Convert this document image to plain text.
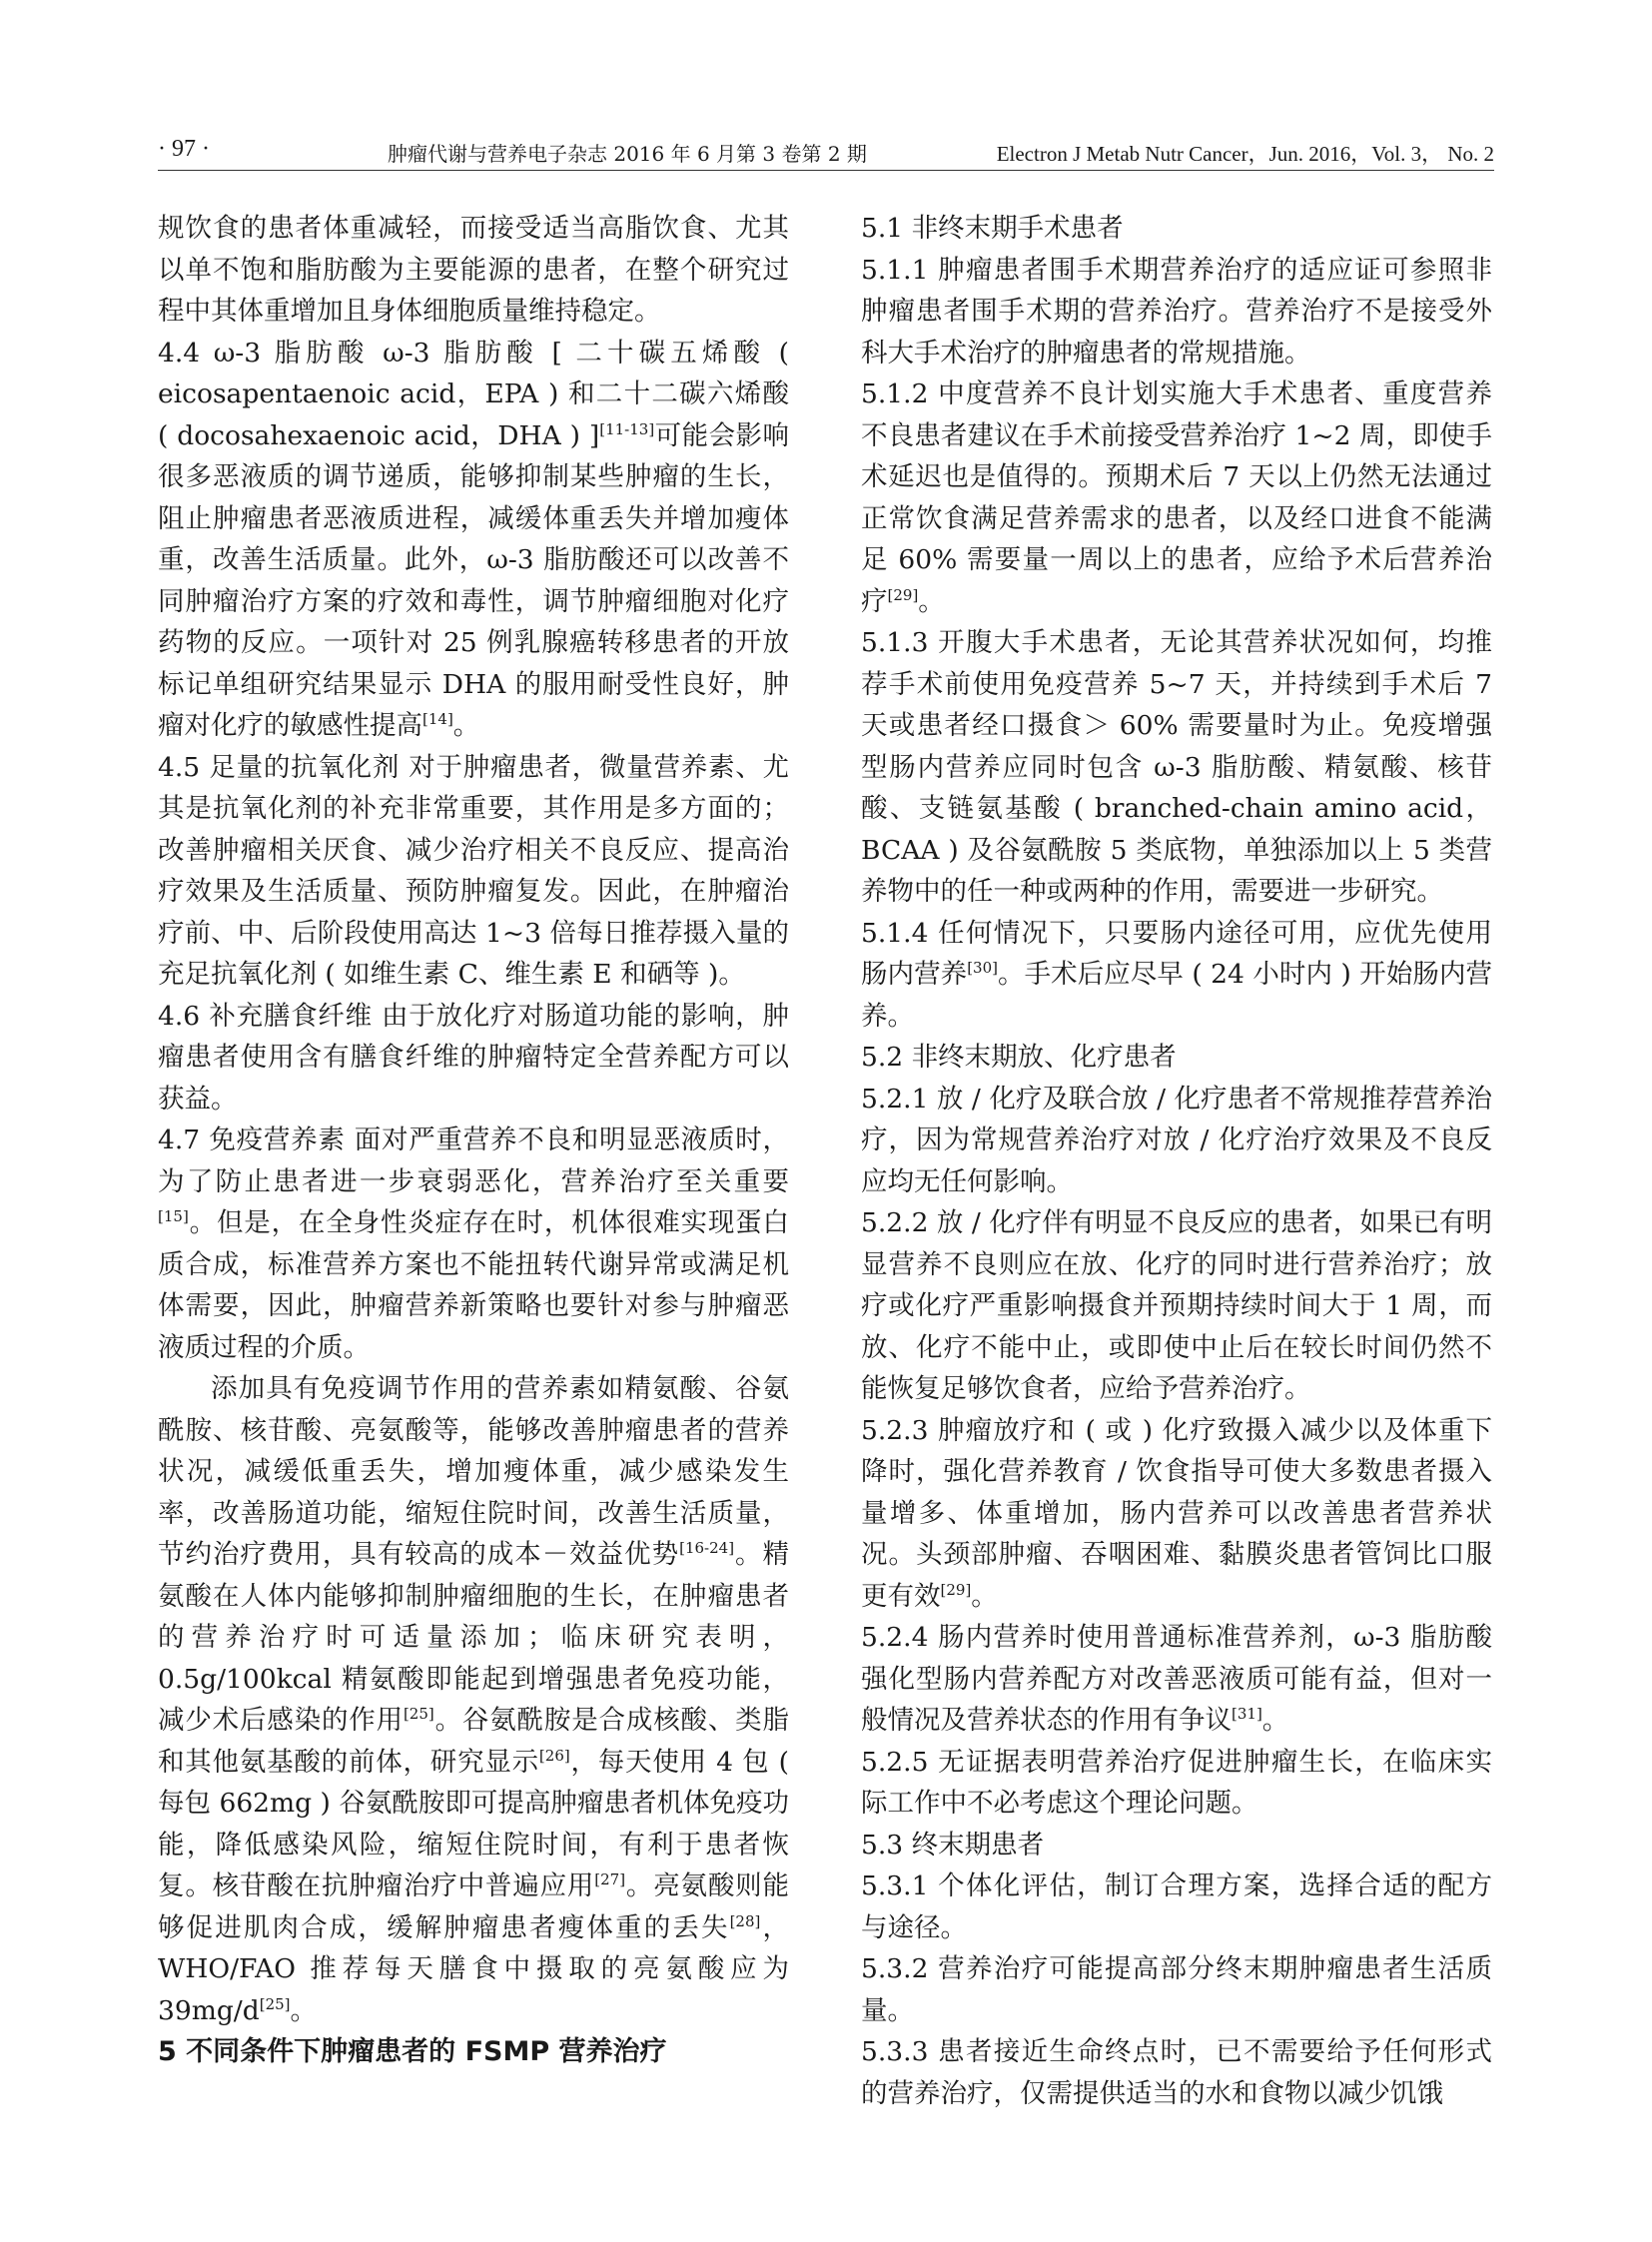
· 97 ·	肿瘤代谢与营养电子杂志 2016 年 6 月第 3 卷第 2 期	Electron J Metab Nutr Cancer，Jun. 2016，Vol. 3， No. 2

规饮食的患者体重减轻，而接受适当高脂饮食、尤其以单不饱和脂肪酸为主要能源的患者，在整个研究过程中其体重增加且身体细胞质量维持稳定。

4.4 ω-3 脂肪酸 ω-3 脂肪酸 [ 二十碳五烯酸 ( eicosapentaenoic acid，EPA ) 和二十二碳六烯酸 ( docosahexaenoic acid，DHA ) ][11-13]可能会影响很多恶液质的调节递质，能够抑制某些肿瘤的生长，阻止肿瘤患者恶液质进程，减缓体重丢失并增加瘦体重，改善生活质量。此外，ω-3 脂肪酸还可以改善不同肿瘤治疗方案的疗效和毒性，调节肿瘤细胞对化疗药物的反应。一项针对 25 例乳腺癌转移患者的开放标记单组研究结果显示 DHA 的服用耐受性良好，肿瘤对化疗的敏感性提高[14]。

4.5 足量的抗氧化剂 对于肿瘤患者，微量营养素、尤其是抗氧化剂的补充非常重要，其作用是多方面的；改善肿瘤相关厌食、减少治疗相关不良反应、提高治疗效果及生活质量、预防肿瘤复发。因此，在肿瘤治疗前、中、后阶段使用高达 1~3 倍每日推荐摄入量的充足抗氧化剂 ( 如维生素 C、维生素 E 和硒等 )。

4.6 补充膳食纤维 由于放化疗对肠道功能的影响，肿瘤患者使用含有膳食纤维的肿瘤特定全营养配方可以获益。

4.7 免疫营养素 面对严重营养不良和明显恶液质时，为了防止患者进一步衰弱恶化，营养治疗至关重要[15]。但是，在全身性炎症存在时，机体很难实现蛋白质合成，标准营养方案也不能扭转代谢异常或满足机体需要，因此，肿瘤营养新策略也要针对参与肿瘤恶液质过程的介质。

添加具有免疫调节作用的营养素如精氨酸、谷氨酰胺、核苷酸、亮氨酸等，能够改善肿瘤患者的营养状况，减缓低重丢失，增加瘦体重，减少感染发生率，改善肠道功能，缩短住院时间，改善生活质量，节约治疗费用，具有较高的成本－效益优势[16-24]。精氨酸在人体内能够抑制肿瘤细胞的生长，在肿瘤患者的营养治疗时可适量添加；临床研究表明，0.5g/100kcal 精氨酸即能起到增强患者免疫功能，减少术后感染的作用[25]。谷氨酰胺是合成核酸、类脂和其他氨基酸的前体，研究显示[26]，每天使用 4 包 ( 每包 662mg ) 谷氨酰胺即可提高肿瘤患者机体免疫功能，降低感染风险，缩短住院时间，有利于患者恢复。核苷酸在抗肿瘤治疗中普遍应用[27]。亮氨酸则能够促进肌肉合成，缓解肿瘤患者瘦体重的丢失[28]，WHO/FAO 推荐每天膳食中摄取的亮氨酸应为 39mg/d[25]。

5 不同条件下肿瘤患者的 FSMP 营养治疗

5.1 非终末期手术患者

5.1.1 肿瘤患者围手术期营养治疗的适应证可参照非肿瘤患者围手术期的营养治疗。营养治疗不是接受外科大手术治疗的肿瘤患者的常规措施。

5.1.2 中度营养不良计划实施大手术患者、重度营养不良患者建议在手术前接受营养治疗 1~2 周，即使手术延迟也是值得的。预期术后 7 天以上仍然无法通过正常饮食满足营养需求的患者，以及经口进食不能满足 60% 需要量一周以上的患者，应给予术后营养治疗[29]。

5.1.3 开腹大手术患者，无论其营养状况如何，均推荐手术前使用免疫营养 5~7 天，并持续到手术后 7 天或患者经口摄食＞ 60% 需要量时为止。免疫增强型肠内营养应同时包含 ω-3 脂肪酸、精氨酸、核苷酸、支链氨基酸 ( branched-chain amino acid，BCAA ) 及谷氨酰胺 5 类底物，单独添加以上 5 类营养物中的任一种或两种的作用，需要进一步研究。

5.1.4 任何情况下，只要肠内途径可用，应优先使用肠内营养[30]。手术后应尽早 ( 24 小时内 ) 开始肠内营养。

5.2 非终末期放、化疗患者

5.2.1 放 / 化疗及联合放 / 化疗患者不常规推荐营养治疗，因为常规营养治疗对放 / 化疗治疗效果及不良反应均无任何影响。

5.2.2 放 / 化疗伴有明显不良反应的患者，如果已有明显营养不良则应在放、化疗的同时进行营养治疗；放疗或化疗严重影响摄食并预期持续时间大于 1 周，而放、化疗不能中止，或即使中止后在较长时间仍然不能恢复足够饮食者，应给予营养治疗。

5.2.3 肿瘤放疗和 ( 或 ) 化疗致摄入减少以及体重下降时，强化营养教育 / 饮食指导可使大多数患者摄入量增多、体重增加，肠内营养可以改善患者营养状况。头颈部肿瘤、吞咽困难、黏膜炎患者管饲比口服更有效[29]。

5.2.4 肠内营养时使用普通标准营养剂，ω-3 脂肪酸强化型肠内营养配方对改善恶液质可能有益，但对一般情况及营养状态的作用有争议[31]。

5.2.5 无证据表明营养治疗促进肿瘤生长，在临床实际工作中不必考虑这个理论问题。

5.3 终末期患者

5.3.1 个体化评估，制订合理方案，选择合适的配方与途径。

5.3.2 营养治疗可能提高部分终末期肿瘤患者生活质量。

5.3.3 患者接近生命终点时，已不需要给予任何形式的营养治疗，仅需提供适当的水和食物以减少饥饿
